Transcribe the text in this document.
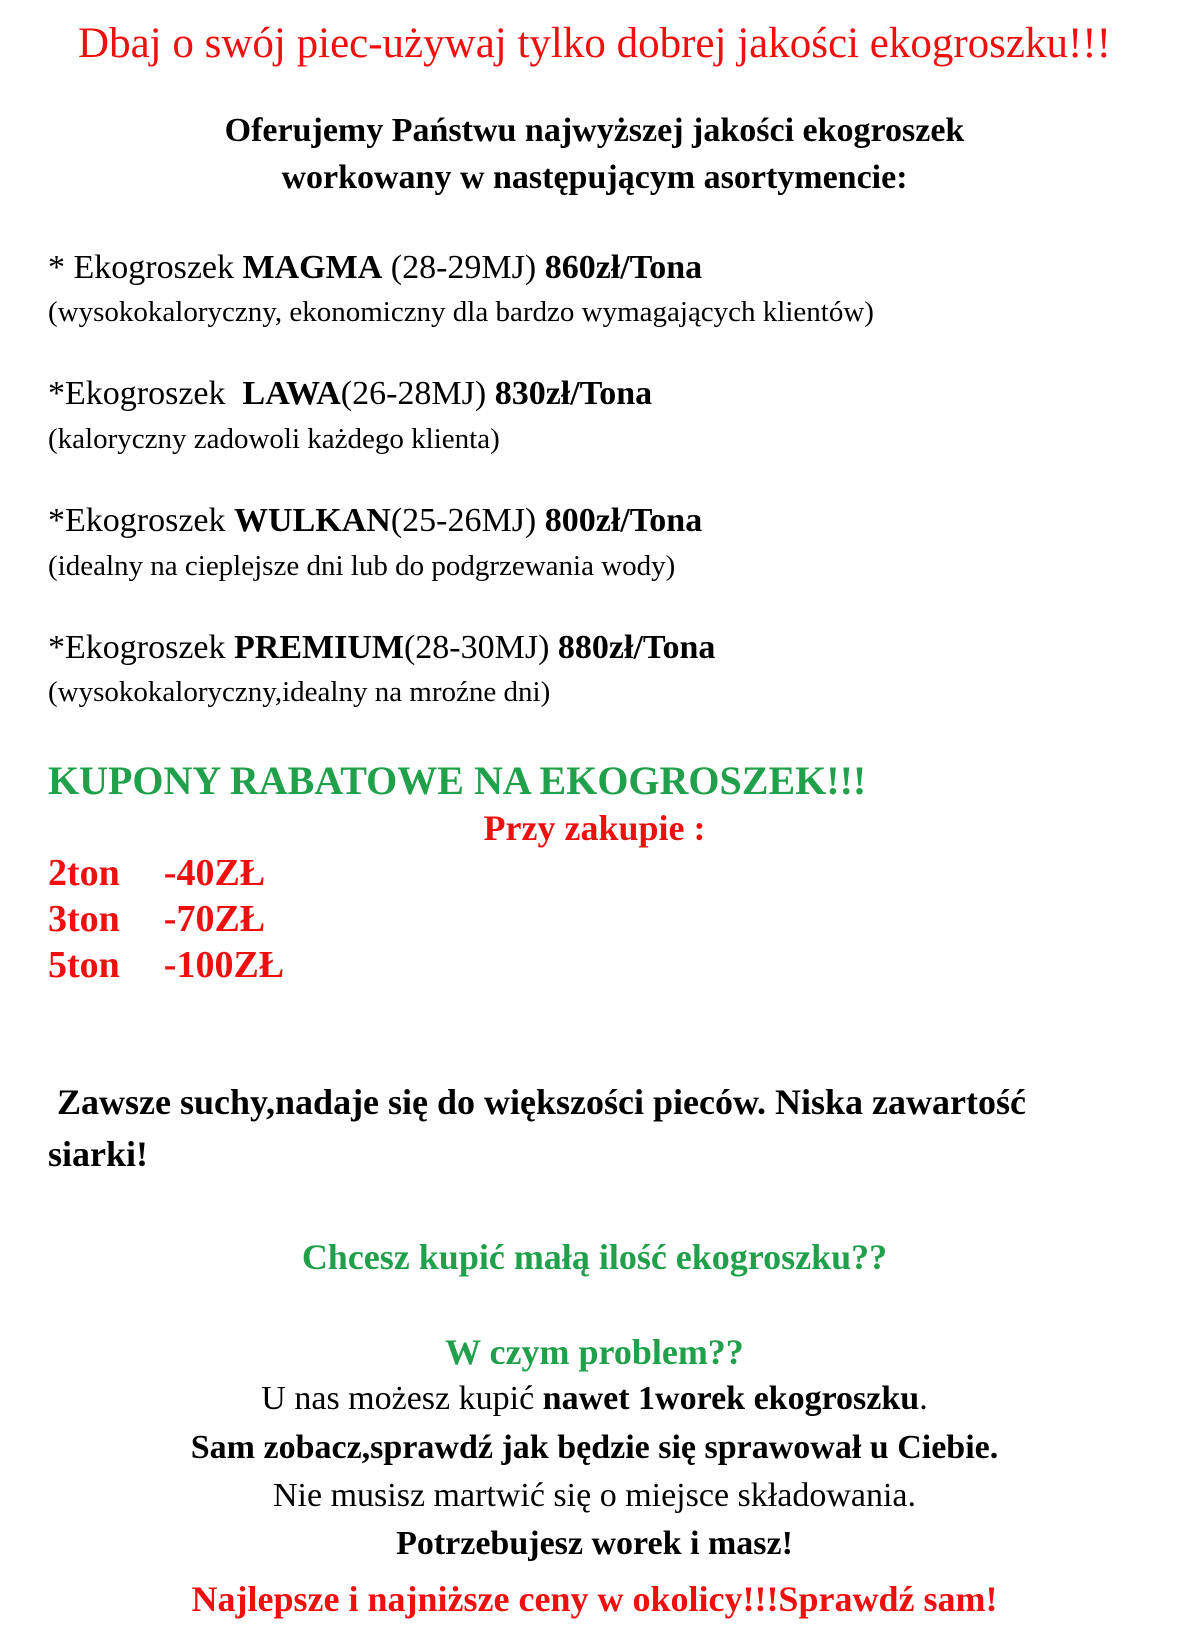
Dbaj o swój piec-używaj tylko dobrej jakości ekogroszku!!!
Oferujemy Państwu najwyższej jakości ekogroszek
workowany w następującym asortymencie:
* Ekogroszek MAGMA (28-29MJ) 860zł/Tona
(wysokokaloryczny, ekonomiczny dla bardzo wymagających klientów)
*Ekogroszek  LAWA(26-28MJ) 830zł/Tona
(kaloryczny zadowoli każdego klienta)
*Ekogroszek WULKAN(25-26MJ) 800zł/Tona
(idealny na cieplejsze dni lub do podgrzewania wody)
*Ekogroszek PREMIUM(28-30MJ) 880zł/Tona
(wysokokaloryczny,idealny na mroźne dni)
KUPONY RABATOWE NA EKOGROSZEK!!!
Przy zakupie :
2ton -40ZŁ
3ton -70ZŁ
5ton -100ZŁ
Zawsze suchy,nadaje się do większości pieców. Niska zawartość siarki!
Chcesz kupić małą ilość ekogroszku??
W czym problem??
U nas możesz kupić nawet 1worek ekogroszku.
Sam zobacz,sprawdź jak będzie się sprawował u Ciebie.
Nie musisz martwić się o miejsce składowania.
Potrzebujesz worek i masz!
Najlepsze i najniższe ceny w okolicy!!!Sprawdź sam!
